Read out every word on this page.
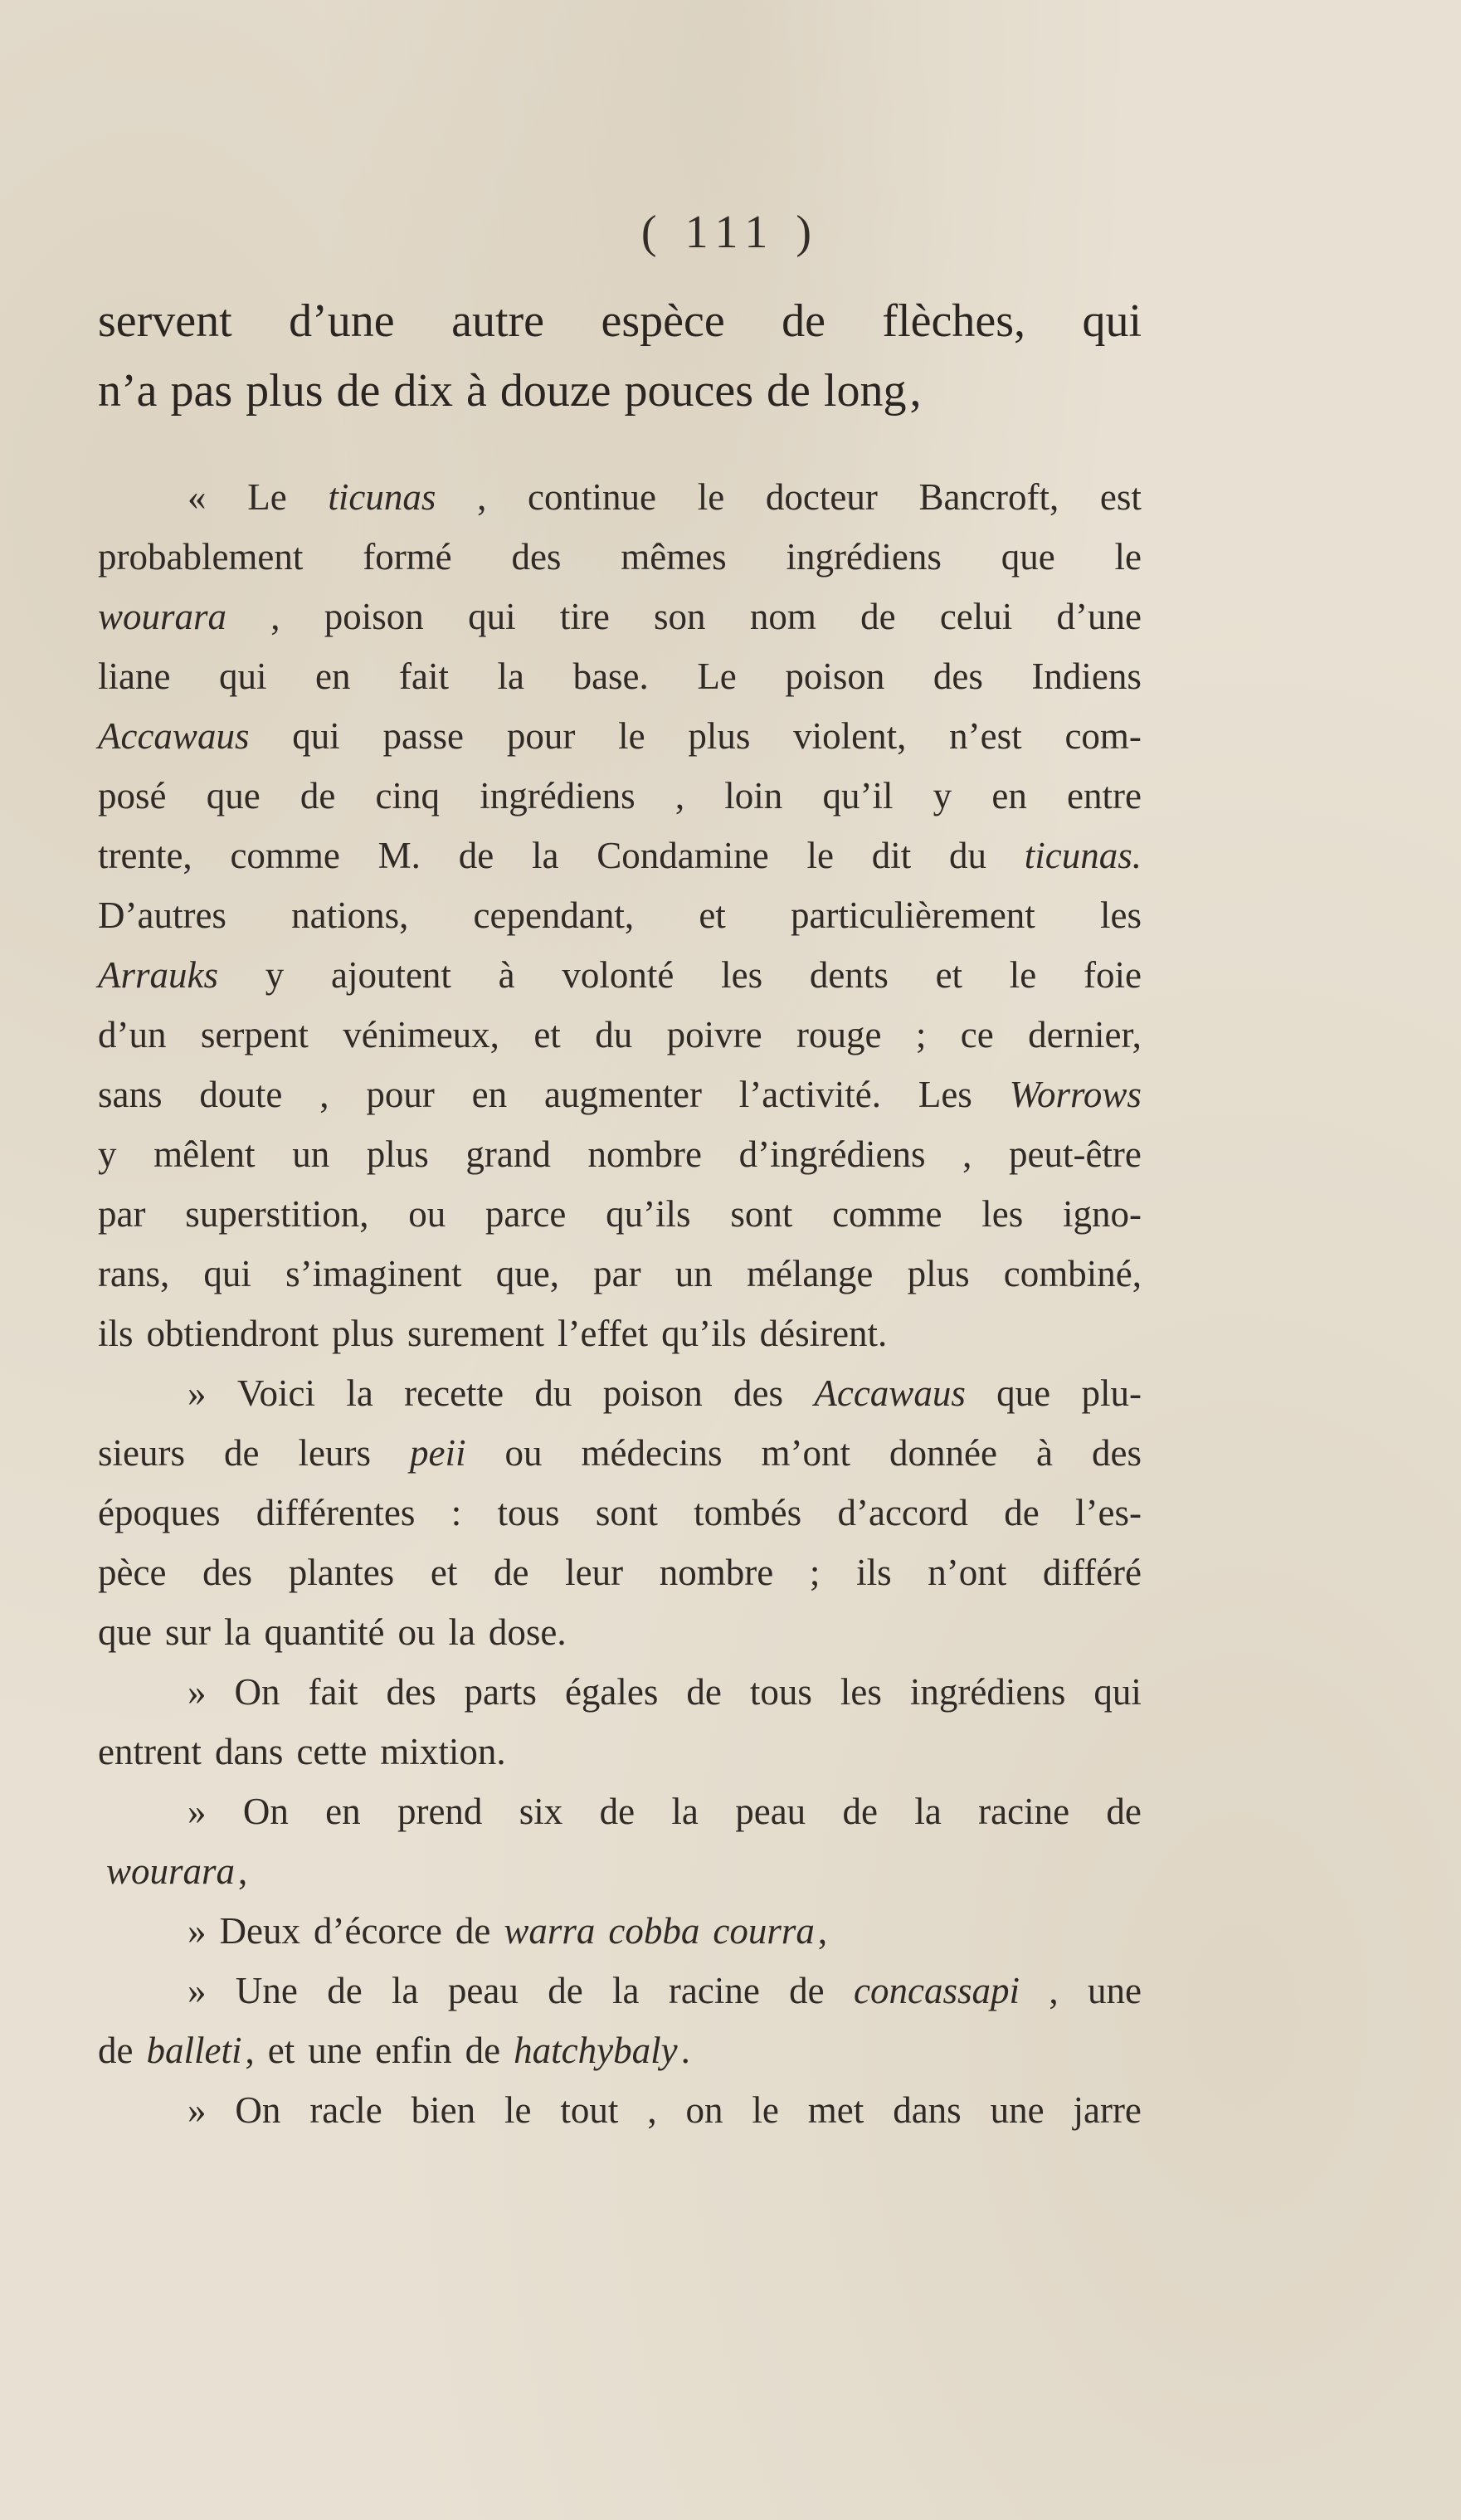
( 111 )
servent d’une autre espèce de flèches, qui
n’a pas plus de dix à douze pouces de long ,
« Le ticunas , continue le docteur Bancroft, est
probablement formé des mêmes ingrédiens que le
wourara , poison qui tire son nom de celui d’une
liane qui en fait la base. Le poison des Indiens
Accawaus qui passe pour le plus violent, n’est com-
posé que de cinq ingrédiens , loin qu’il y en entre
trente, comme M. de la Condamine le dit du ticunas.
D’autres nations, cependant, et particulièrement les
Arrauks y ajoutent à volonté les dents et le foie
d’un serpent vénimeux, et du poivre rouge ; ce dernier,
sans doute , pour en augmenter l’activité. Les Worrows
y mêlent un plus grand nombre d’ingrédiens , peut-être
par superstition, ou parce qu’ils sont comme les igno-
rans, qui s’imaginent que, par un mélange plus combiné,
ils obtiendront plus surement l’effet qu’ils désirent.
» Voici la recette du poison des Accawaus que plu-
sieurs de leurs peii ou médecins m’ont donnée à des
époques différentes : tous sont tombés d’accord de l’es-
pèce des plantes et de leur nombre ; ils n’ont différé
que sur la quantité ou la dose.
» On fait des parts égales de tous les ingrédiens qui
entrent dans cette mixtion.
» On en prend six de la peau de la racine de
wourara ,
» Deux d’écorce de warra cobba courra ,
» Une de la peau de la racine de concassapi , une
de balleti , et une enfin de hatchybaly .
» On racle bien le tout , on le met dans une jarre
